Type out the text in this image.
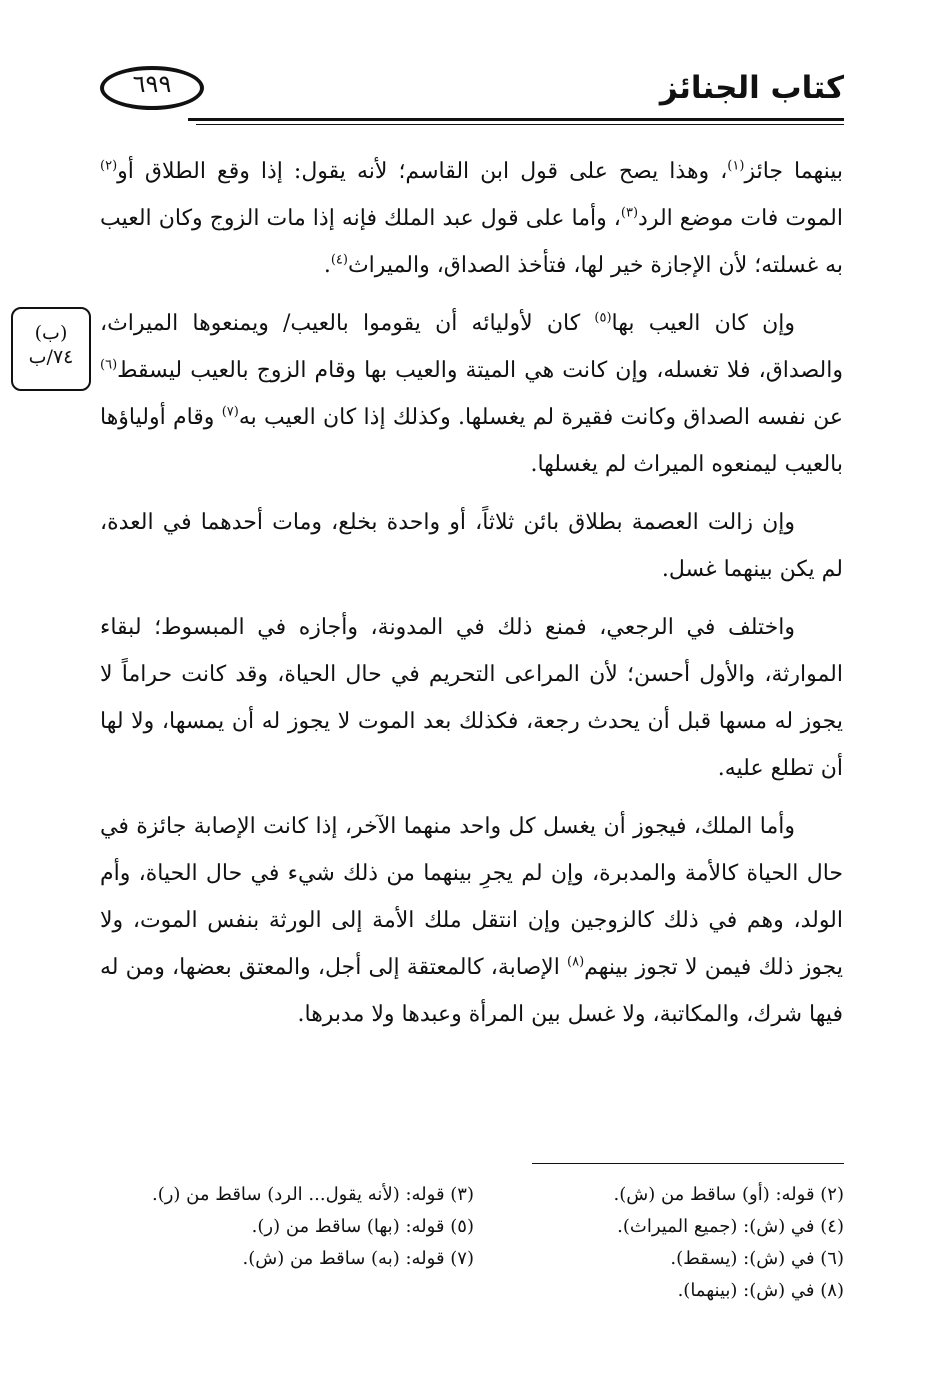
كتاب الجنائز
٦٩٩
(ب)
٧٤/ب

بينهما جائز$^{(١)}$، وهذا يصح على قول ابن القاسم؛ لأنه يقول: إذا وقع الطلاق أو$^{(٢)}$ الموت فات موضع الرد$^{(٣)}$، وأما على قول عبد الملك فإنه إذا مات الزوج وكان العيب به غسلته؛ لأن الإجازة خير لها، فتأخذ الصداق، والميراث$^{(٤)}$.

وإن كان العيب بها$^{(٥)}$ كان لأوليائه أن يقوموا بالعيب/ ويمنعوها الميراث، والصداق، فلا تغسله، وإن كانت هي الميتة والعيب بها وقام الزوج بالعيب ليسقط$^{(٦)}$ عن نفسه الصداق وكانت فقيرة لم يغسلها. وكذلك إذا كان العيب به$^{(٧)}$ وقام أولياؤها بالعيب ليمنعوه الميراث لم يغسلها.

وإن زالت العصمة بطلاق بائن ثلاثاً، أو واحدة بخلع، ومات أحدهما في العدة، لم يكن بينهما غسل.

واختلف في الرجعي، فمنع ذلك في المدونة، وأجازه في المبسوط؛ لبقاء الموارثة، والأول أحسن؛ لأن المراعى التحريم في حال الحياة، وقد كانت حراماً لا يجوز له مسها قبل أن يحدث رجعة، فكذلك بعد الموت لا يجوز له أن يمسها، ولا لها أن تطلع عليه.

وأما الملك، فيجوز أن يغسل كل واحد منهما الآخر، إذا كانت الإصابة جائزة في حال الحياة كالأمة والمدبرة، وإن لم يجرِ بينهما من ذلك شيء في حال الحياة، وأم الولد، وهم في ذلك كالزوجين وإن انتقل ملك الأمة إلى الورثة بنفس الموت، ولا يجوز ذلك فيمن لا تجوز بينهم$^{(٨)}$ الإصابة، كالمعتقة إلى أجل، والمعتق بعضها، ومن له فيها شرك، والمكاتبة، ولا غسل بين المرأة وعبدها ولا مدبرها.

(٢) قوله: (أو) ساقط من (ش).
(٤) في (ش): (جميع الميراث).
(٦) في (ش): (يسقط).
(٨) في (ش): (بينهما).
(٣) قوله: (لأنه يقول... الرد) ساقط من (ر).
(٥) قوله: (بها) ساقط من (ر).
(٧) قوله: (به) ساقط من (ش).
